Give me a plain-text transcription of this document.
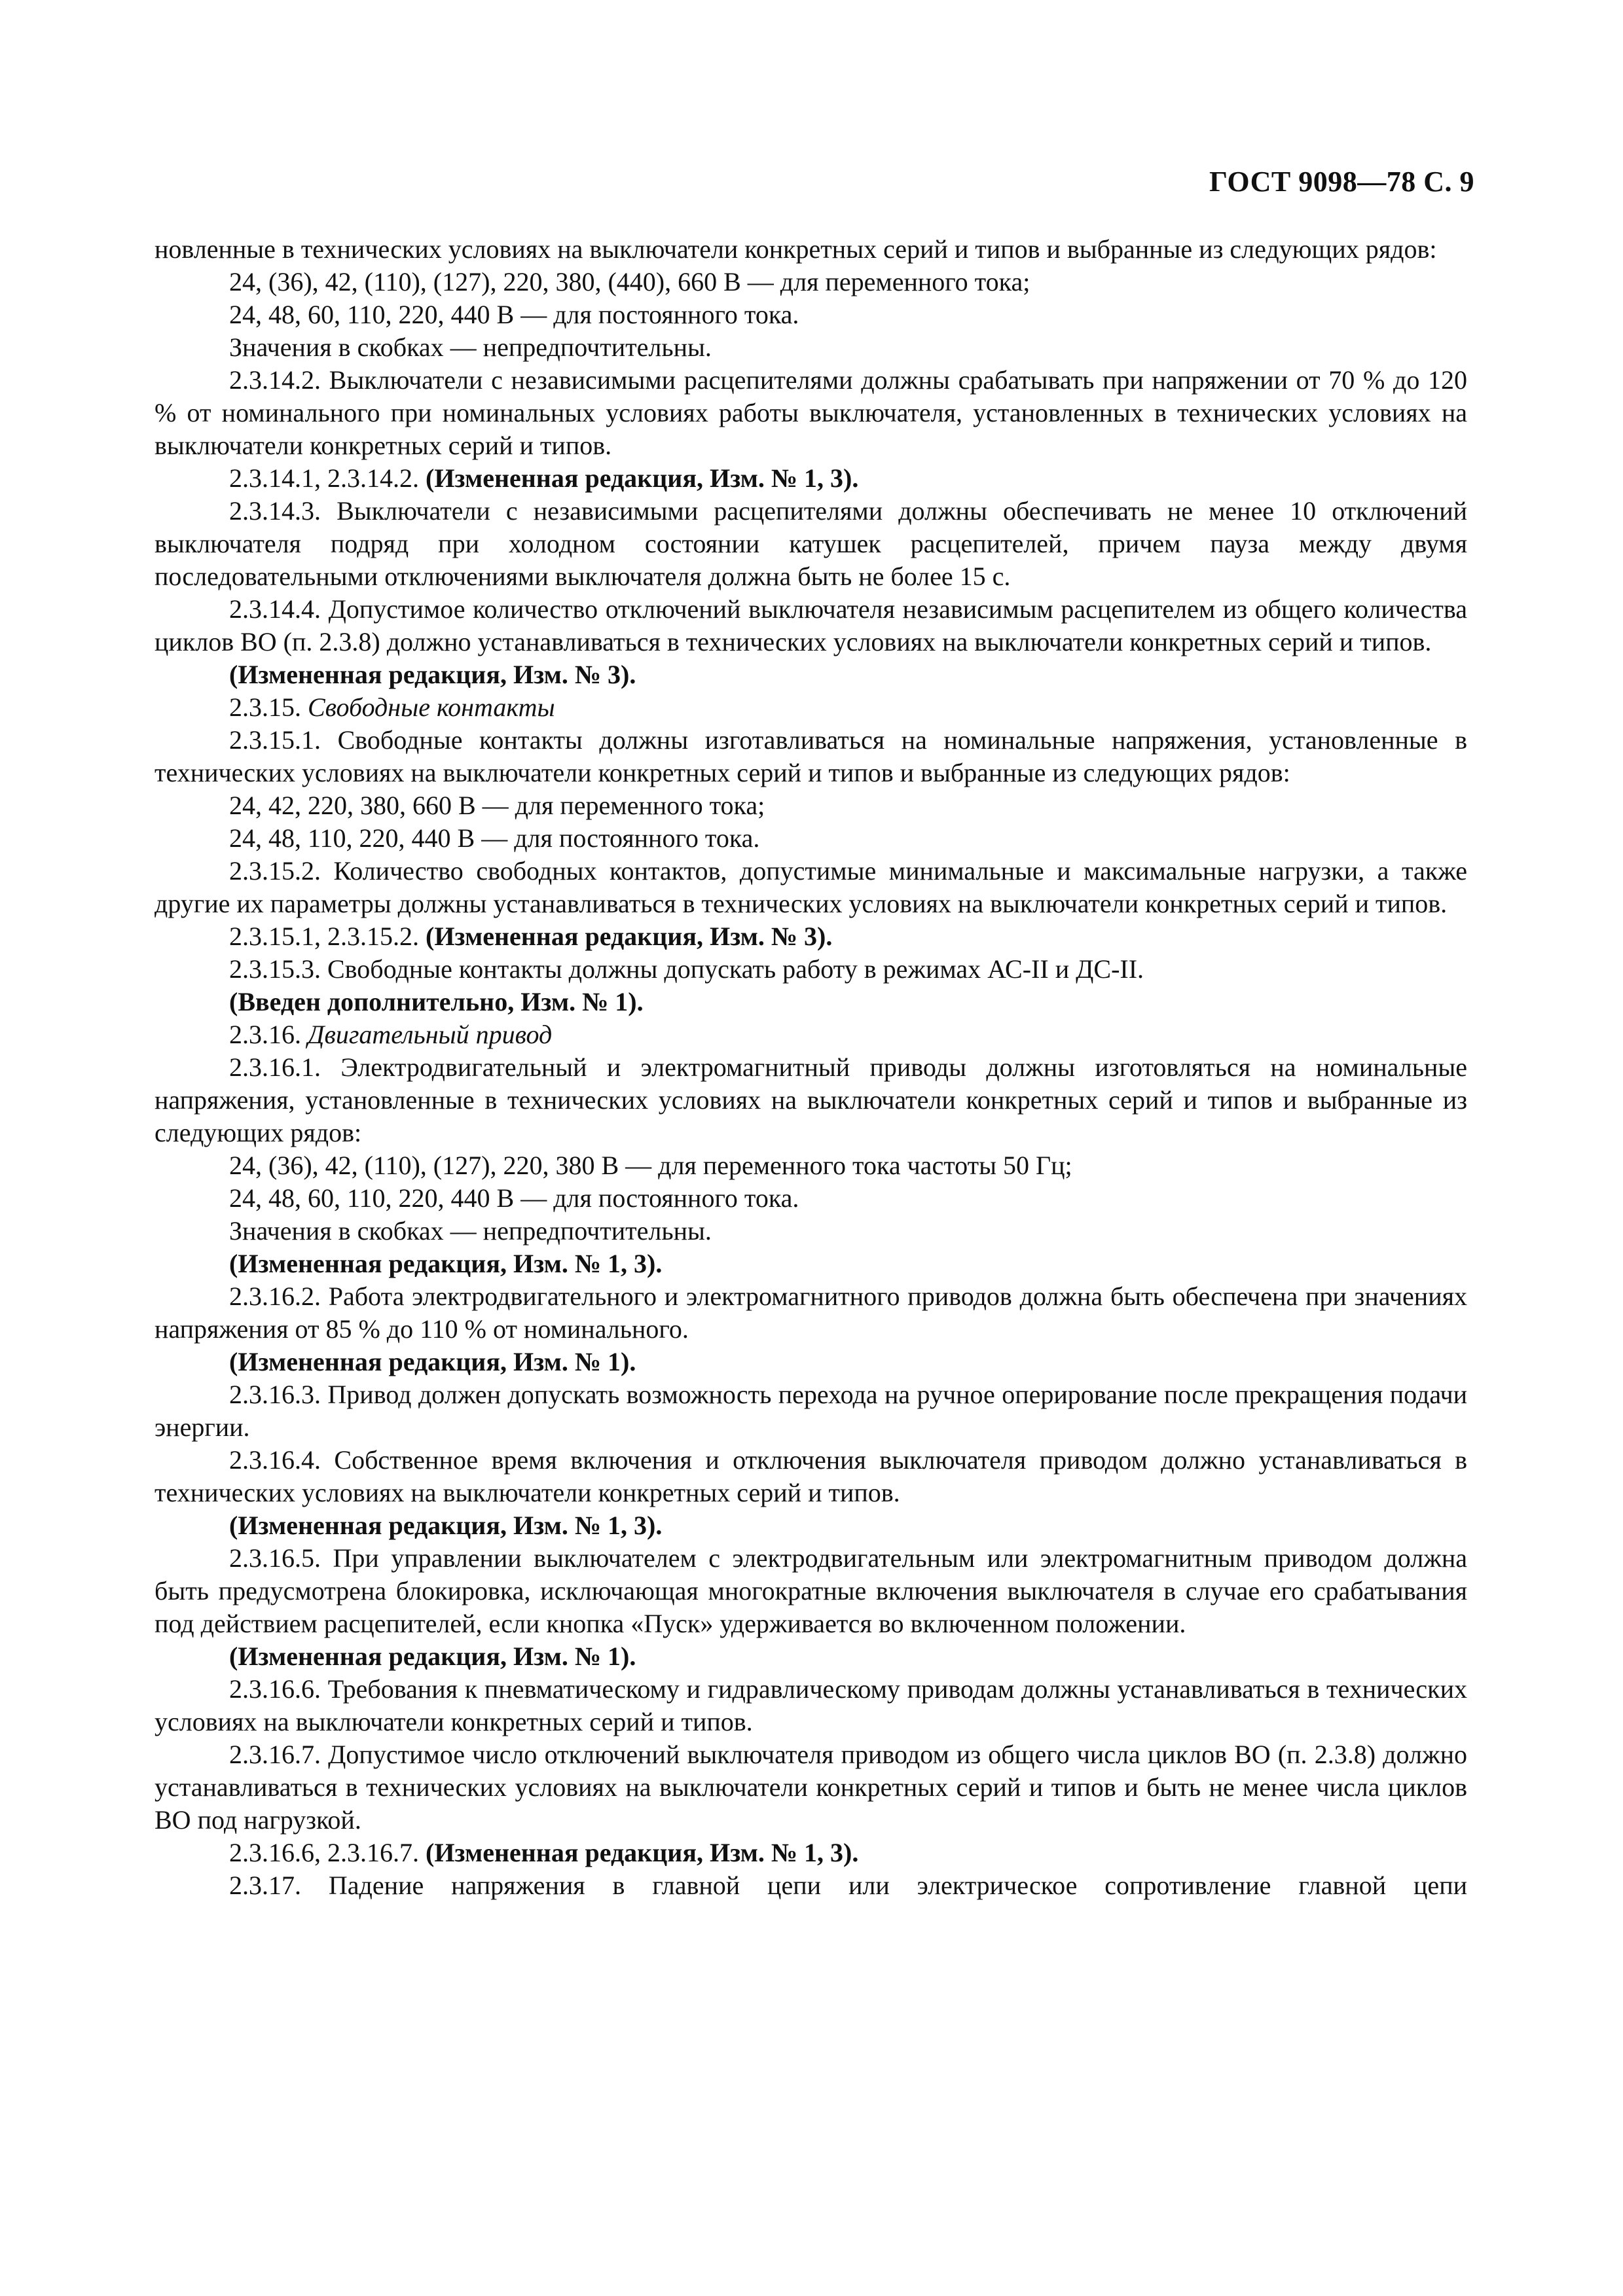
ГОСТ 9098—78 С. 9

новленные в технических условиях на выключатели конкретных серий и типов и выбранные из следующих рядов:

24, (36), 42, (110), (127), 220, 380, (440), 660 В — для переменного тока;

24, 48, 60, 110, 220, 440 В — для постоянного тока.

Значения в скобках — непредпочтительны.

2.3.14.2. Выключатели с независимыми расцепителями должны срабатывать при напряжении от 70 % до 120 % от номинального при номинальных условиях работы выключателя, установленных в технических условиях на выключатели конкретных серий и типов.

2.3.14.1, 2.3.14.2. (Измененная редакция, Изм. № 1, 3).

2.3.14.3. Выключатели с независимыми расцепителями должны обеспечивать не менее 10 отключений выключателя подряд при холодном состоянии катушек расцепителей, причем пауза между двумя последовательными отключениями выключателя должна быть не более 15 с.

2.3.14.4. Допустимое количество отключений выключателя независимым расцепителем из общего количества циклов ВО (п. 2.3.8) должно устанавливаться в технических условиях на выключатели конкретных серий и типов.

(Измененная редакция, Изм. № 3).

2.3.15. Свободные контакты

2.3.15.1. Свободные контакты должны изготавливаться на номинальные напряжения, установленные в технических условиях на выключатели конкретных серий и типов и выбранные из следующих рядов:

24, 42, 220, 380, 660 В — для переменного тока;

24, 48, 110, 220, 440 В — для постоянного тока.

2.3.15.2. Количество свободных контактов, допустимые минимальные и максимальные нагрузки, а также другие их параметры должны устанавливаться в технических условиях на выключатели конкретных серий и типов.

2.3.15.1, 2.3.15.2. (Измененная редакция, Изм. № 3).

2.3.15.3. Свободные контакты должны допускать работу в режимах АС-II и ДС-II.

(Введен дополнительно, Изм. № 1).

2.3.16. Двигательный привод

2.3.16.1. Электродвигательный и электромагнитный приводы должны изготовляться на номинальные напряжения, установленные в технических условиях на выключатели конкретных серий и типов и выбранные из следующих рядов:

24, (36), 42, (110), (127), 220, 380 В — для переменного тока частоты 50 Гц;

24, 48, 60, 110, 220, 440 В — для постоянного тока.

Значения в скобках — непредпочтительны.

(Измененная редакция, Изм. № 1, 3).

2.3.16.2. Работа электродвигательного и электромагнитного приводов должна быть обеспечена при значениях напряжения от 85 % до 110 % от номинального.

(Измененная редакция, Изм. № 1).

2.3.16.3. Привод должен допускать возможность перехода на ручное оперирование после прекращения подачи энергии.

2.3.16.4. Собственное время включения и отключения выключателя приводом должно устанавливаться в технических условиях на выключатели конкретных серий и типов.

(Измененная редакция, Изм. № 1, 3).

2.3.16.5. При управлении выключателем с электродвигательным или электромагнитным приводом должна быть предусмотрена блокировка, исключающая многократные включения выключателя в случае его срабатывания под действием расцепителей, если кнопка «Пуск» удерживается во включенном положении.

(Измененная редакция, Изм. № 1).

2.3.16.6. Требования к пневматическому и гидравлическому приводам должны устанавливаться в технических условиях на выключатели конкретных серий и типов.

2.3.16.7. Допустимое число отключений выключателя приводом из общего числа циклов ВО (п. 2.3.8) должно устанавливаться в технических условиях на выключатели конкретных серий и типов и быть не менее числа циклов ВО под нагрузкой.

2.3.16.6, 2.3.16.7. (Измененная редакция, Изм. № 1, 3).

2.3.17. Падение напряжения в главной цепи или электрическое сопротивление главной цепи
